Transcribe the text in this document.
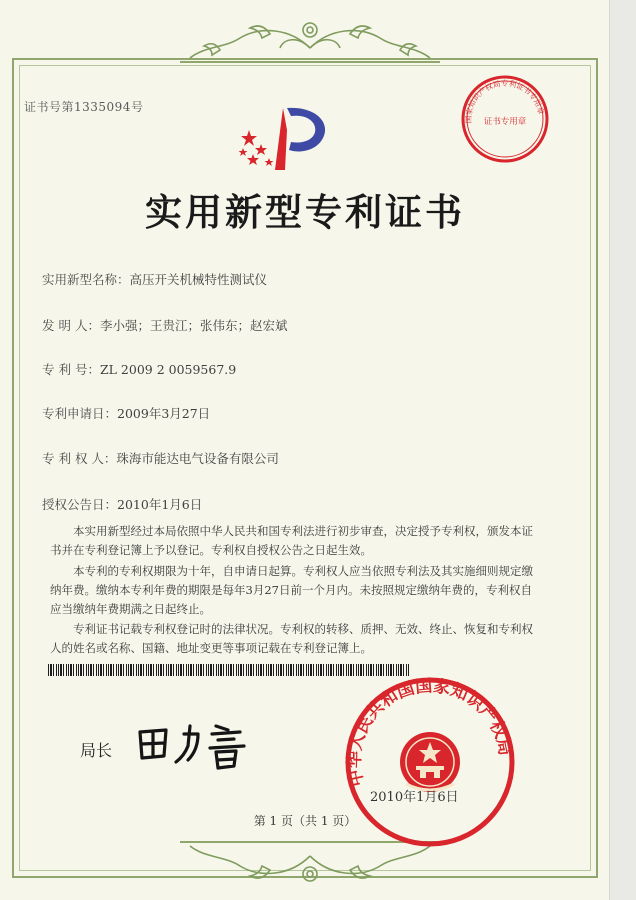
证书号第1335094号
国家知识产权局专利证书专用章
证书专用章
实用新型专利证书
实用新型名称：高压开关机械特性测试仪
发 明 人：李小强；王贵江；张伟东；赵宏斌
专 利 号：ZL 2009 2 0059567.9
专利申请日：2009年3月27日
专 利 权 人：珠海市能达电气设备有限公司
授权公告日：2010年1月6日
本实用新型经过本局依照中华人民共和国专利法进行初步审查，决定授予专利权，颁发本证书并在专利登记簿上予以登记。专利权自授权公告之日起生效。
本专利的专利权期限为十年，自申请日起算。专利权人应当依照专利法及其实施细则规定缴纳年费。缴纳本专利年费的期限是每年3月27日前一个月内。未按照规定缴纳年费的，专利权自应当缴纳年费期满之日起终止。
专利证书记载专利权登记时的法律状况。专利权的转移、质押、无效、终止、恢复和专利权人的姓名或名称、国籍、地址变更等事项记载在专利登记簿上。
局长
中华人民共和国国家知识产权局
2010年1月6日
第 1 页（共 1 页）
